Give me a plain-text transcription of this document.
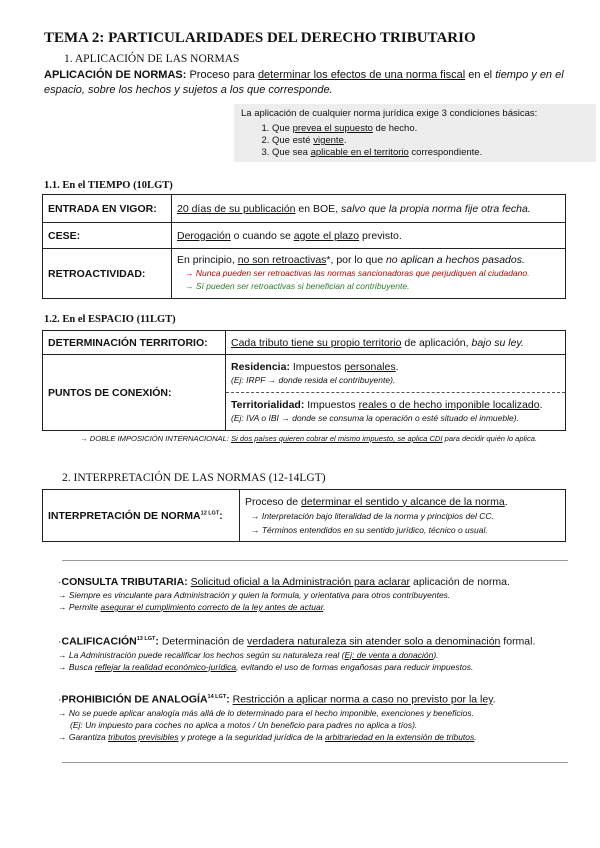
TEMA 2: PARTICULARIDADES DEL DERECHO TRIBUTARIO
1. APLICACIÓN DE LAS NORMAS
APLICACIÓN DE NORMAS: Proceso para determinar los efectos de una norma fiscal en el tiempo y en el espacio, sobre los hechos y sujetos a los que corresponde.
La aplicación de cualquier norma jurídica exige 3 condiciones básicas:
1. Que prevea el supuesto de hecho.
2. Que esté vigente.
3. Que sea aplicable en el territorio correspondiente.
1.1. En el TIEMPO (10LGT)
ENTRADA EN VIGOR:	20 días de su publicación en BOE, salvo que la propia norma fije otra fecha.
CESE:	Derogación o cuando se agote el plazo previsto.
RETROACTIVIDAD:	En principio, no son retroactivas*, por lo que no aplican a hechos pasados.
→ Nunca pueden ser retroactivas las normas sancionadoras que perjudiquen al ciudadano.
→ Sí pueden ser retroactivas si benefician al contribuyente.
1.2. En el ESPACIO (11LGT)
DETERMINACIÓN TERRITORIO:	Cada tributo tiene su propio territorio de aplicación, bajo su ley.
PUNTOS DE CONEXIÓN:	Residencia: Impuestos personales.
(Ej: IRPF → donde resida el contribuyente).
	Territorialidad: Impuestos reales o de hecho imponible localizado.
(Ej: IVA o IBI → donde se consuma la operación o esté situado el inmueble).
→ DOBLE IMPOSICIÓN INTERNACIONAL: Si dos países quieren cobrar el mismo impuesto, se aplica CDI para decidir quién lo aplica.
2. INTERPRETACIÓN DE LAS NORMAS (12-14LGT)
INTERPRETACIÓN DE $NORMA^{12 LGT}$:	Proceso de determinar el sentido y alcance de la norma.
→ Interpretación bajo literalidad de la norma y principios del CC.
→ Términos entendidos en su sentido jurídico, técnico o usual.
·CONSULTA TRIBUTARIA: Solicitud oficial a la Administración para aclarar aplicación de norma.
→ Siempre es vinculante para Administración y quien la formula, y orientativa para otros contribuyentes.
→ Permite asegurar el cumplimiento correcto de la ley antes de actuar.
$\cdot CALIFICACIÓN^{13 LGT}$: Determinación de verdadera naturaleza sin atender solo a denominación formal.
→ La Administración puede recalificar los hechos según su naturaleza real (Ej: de venta a donación).
→ Busca reflejar la realidad económico-jurídica, evitando el uso de formas engañosas para reducir impuestos.
·PROHIBICIÓN DE $ANALOGÍA^{14 LGT}$: Restricción a aplicar norma a caso no previsto por la ley.
→ No se puede aplicar analogía más allá de lo determinado para el hecho imponible, exenciones y beneficios.
(Ej: Un impuesto para coches no aplica a motos / Un beneficio para padres no aplica a tíos).
→ Garantiza tributos previsibles y protege a la seguridad jurídica de la arbitrariedad en la extensión de tributos.
